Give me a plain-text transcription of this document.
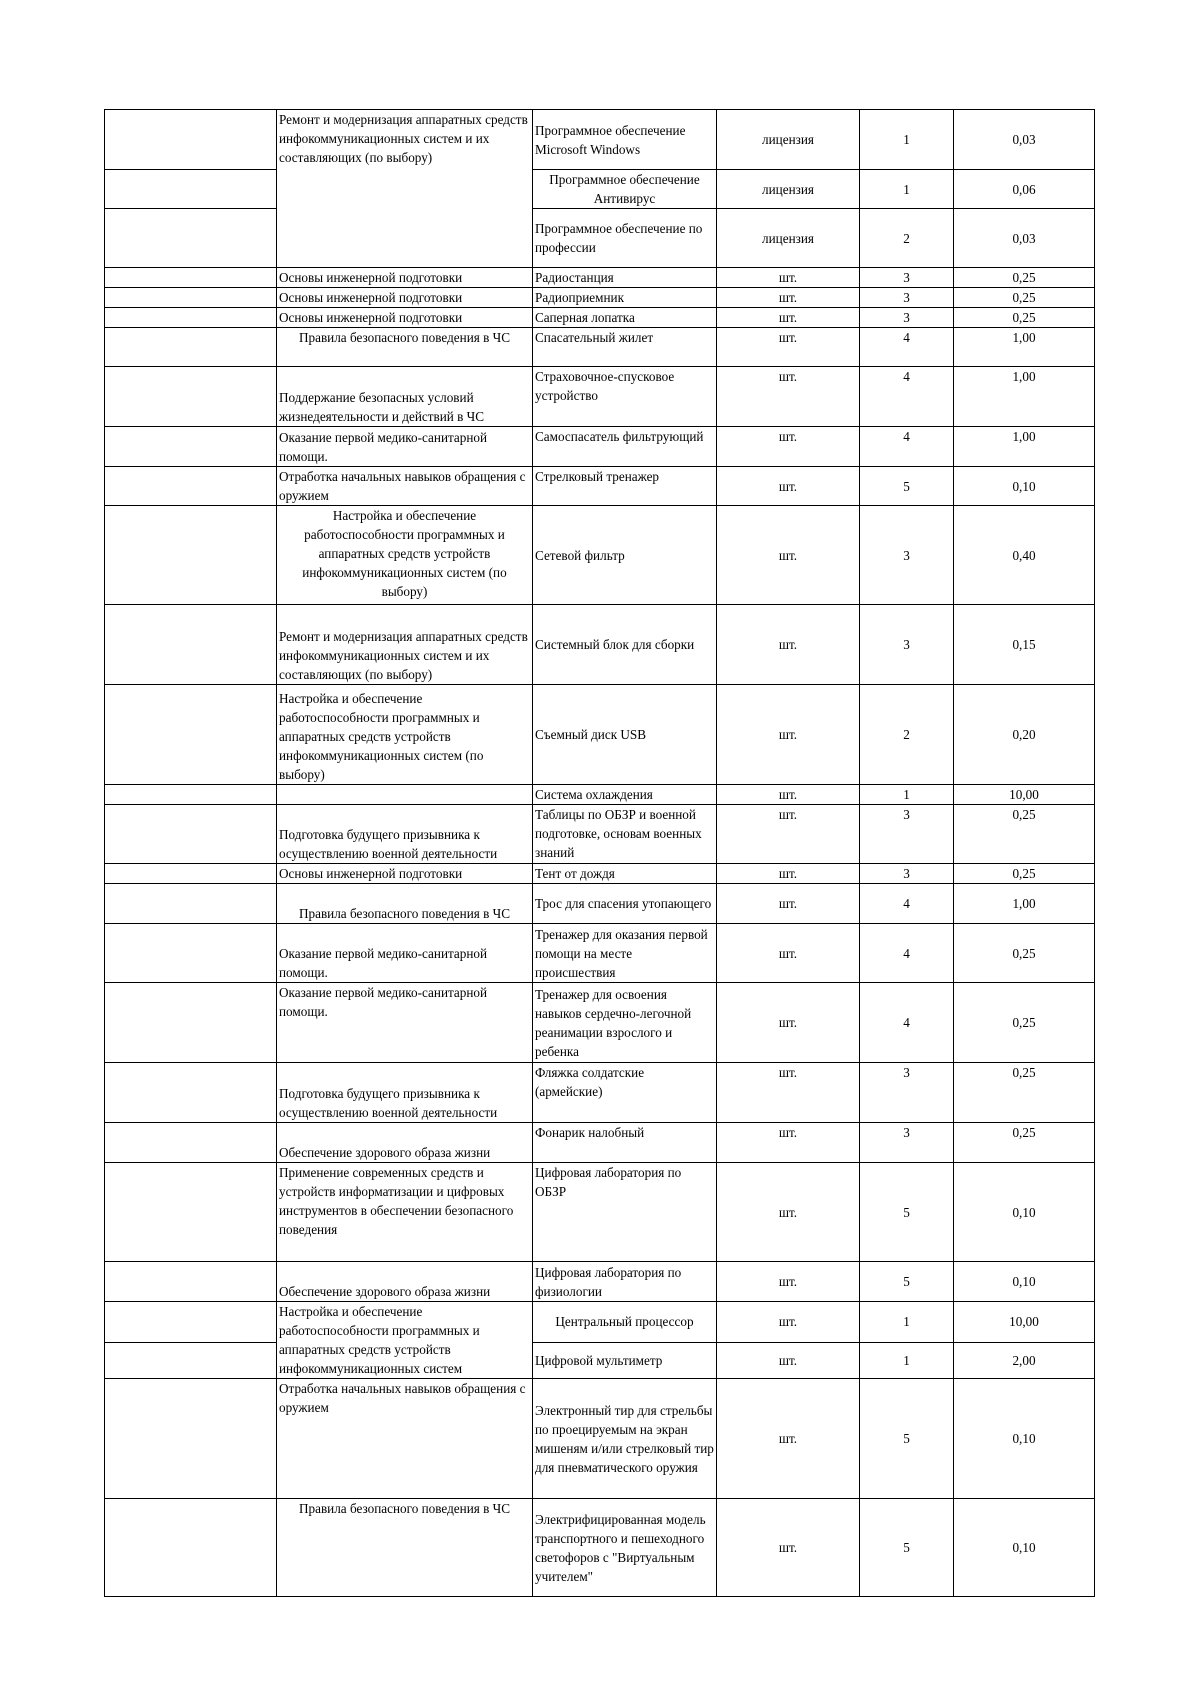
	Ремонт и модернизация аппаратных средств инфокоммуникационных систем и их составляющих (по выбору)	Программное обеспечение Microsoft Windows	лицензия	1	0,03
		Программное обеспечение Антивирус	лицензия	1	0,06
		Программное обеспечение по профессии	лицензия	2	0,03
	Основы инженерной подготовки	Радиостанция	шт.	3	0,25
	Основы инженерной подготовки	Радиоприемник	шт.	3	0,25
	Основы инженерной подготовки	Саперная лопатка	шт.	3	0,25
	Правила безопасного поведения в ЧС	Спасательный жилет	шт.	4	1,00
	Поддержание безопасных условий жизнедеятельности и действий в ЧС	Страховочное-спусковое устройство	шт.	4	1,00
	Оказание первой медико-санитарной помощи.	Самоспасатель фильтрующий	шт.	4	1,00
	Отработка начальных навыков обращения с оружием	Стрелковый тренажер	шт.	5	0,10
	Настройка и обеспечение работоспособности программных и аппаратных средств устройств инфокоммуникационных систем (по выбору)	Сетевой фильтр	шт.	3	0,40
	Ремонт и модернизация аппаратных средств инфокоммуникационных систем и их составляющих (по выбору)	Системный блок для сборки	шт.	3	0,15
	Настройка и обеспечение работоспособности программных и аппаратных средств устройств инфокоммуникационных систем (по выбору)	Съемный диск USB	шт.	2	0,20
		Система охлаждения	шт.	1	10,00
	Подготовка будущего призывника к осуществлению военной деятельности	Таблицы по ОБЗР и военной подготовке, основам военных знаний	шт.	3	0,25
	Основы инженерной подготовки	Тент от дождя	шт.	3	0,25
	Правила безопасного поведения в ЧС	Трос для спасения утопающего	шт.	4	1,00
	Оказание первой медико-санитарной помощи.	Тренажер для оказания первой помощи на месте происшествия	шт.	4	0,25
	Оказание первой медико-санитарной помощи.	Тренажер для освоения навыков сердечно-легочной реанимации взрослого и ребенка	шт.	4	0,25
	Подготовка будущего призывника к осуществлению военной деятельности	Фляжка солдатские (армейские)	шт.	3	0,25
	Обеспечение здорового образа жизни	Фонарик налобный	шт.	3	0,25
	Применение современных средств и устройств информатизации и цифровых инструментов в обеспечении безопасного поведения	Цифровая лаборатория по ОБЗР	шт.	5	0,10
	Обеспечение здорового образа жизни	Цифровая лаборатория по физиологии	шт.	5	0,10
	Настройка и обеспечение работоспособности программных и аппаратных средств устройств инфокоммуникационных систем	Центральный процессор	шт.	1	10,00
		Цифровой мультиметр	шт.	1	2,00
	Отработка начальных навыков обращения с оружием	Электронный тир для стрельбы по проецируемым на экран мишеням и/или стрелковый тир для пневматического оружия	шт.	5	0,10
	Правила безопасного поведения в ЧС	Электрифицированная модель транспортного и пешеходного светофоров с "Виртуальным учителем"	шт.	5	0,10
